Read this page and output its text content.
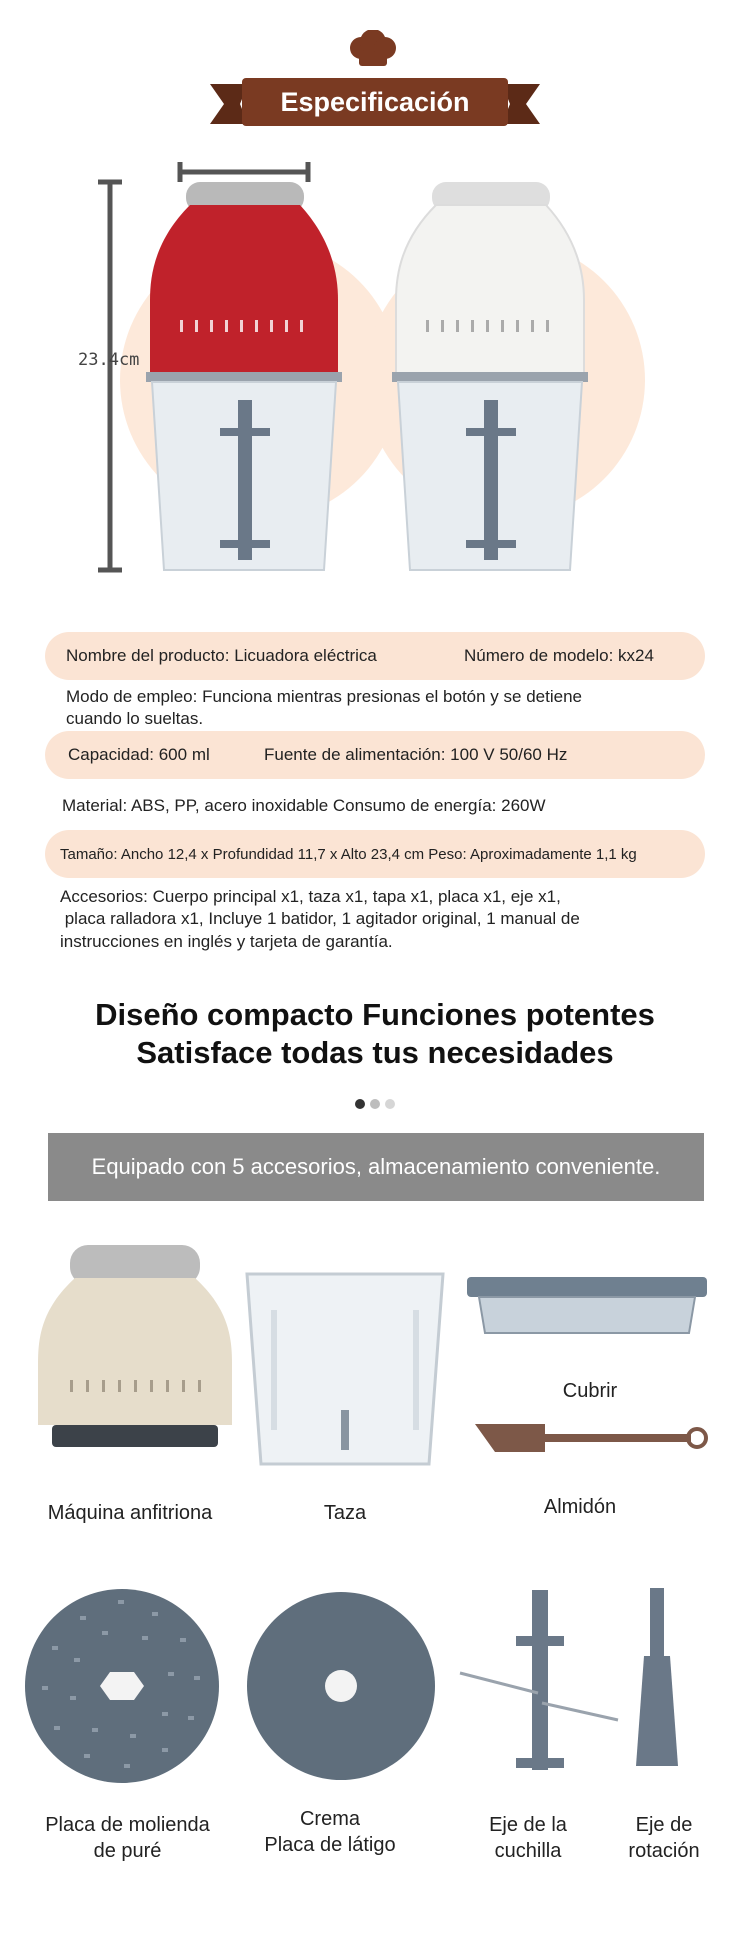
Especificación
23.4cm
Nombre del producto: Licuadora eléctrica	Número de modelo: kx24
Modo de empleo: Funciona mientras presionas el botón y se detiene
cuando lo sueltas.
Capacidad: 600 ml	Fuente de alimentación: 100 V 50/60 Hz
Material: ABS, PP, acero inoxidable Consumo de energía: 260W
Tamaño: Ancho 12,4 x Profundidad 11,7 x Alto 23,4 cm Peso: Aproximadamente 1,1 kg
Accesorios: Cuerpo principal x1, taza x1, tapa x1, placa x1, eje x1,
placa ralladora x1, Incluye 1 batidor, 1 agitador original, 1 manual de
instrucciones en inglés y tarjeta de garantía.
Diseño compacto Funciones potentes
Satisface todas tus necesidades
Equipado con 5 accesorios, almacenamiento conveniente.
Cubrir
Almidón
Máquina anfitriona	Taza
Placa de molienda
de puré
Crema
Placa de látigo
Eje de la
cuchilla
Eje de
rotación
